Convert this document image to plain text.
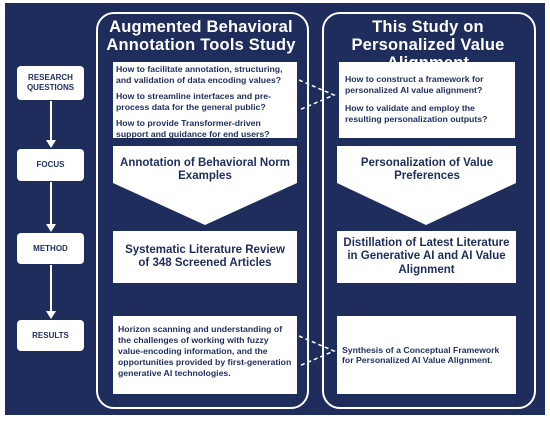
Augmented Behavioral Annotation Tools Study
This Study on Personalized Value
RESEARCH QUESTIONS
FOCUS
METHOD
RESULTS

How to facilitate annotation, structuring, and validation of data encoding values?

How to streamline interfaces and pre-process data for the general public?

How to provide Transformer-driven support and guidance for end users?

How to construct a framework for personalized AI value alignment?

How to validate and employ the resulting personalization outputs?

Annotation of Behavioral Norm Examples
Personalization of Value Preferences
Systematic Literature Review of 348 Screened Articles
Distillation of Latest Literature in Generative AI and AI Value Alignment
Horizon scanning and understanding of the challenges of working with fuzzy value-encoding information, and the opportunities provided by first-generation generative AI technologies.
Synthesis of a Conceptual Framework for Personalized AI Value Alignment.
